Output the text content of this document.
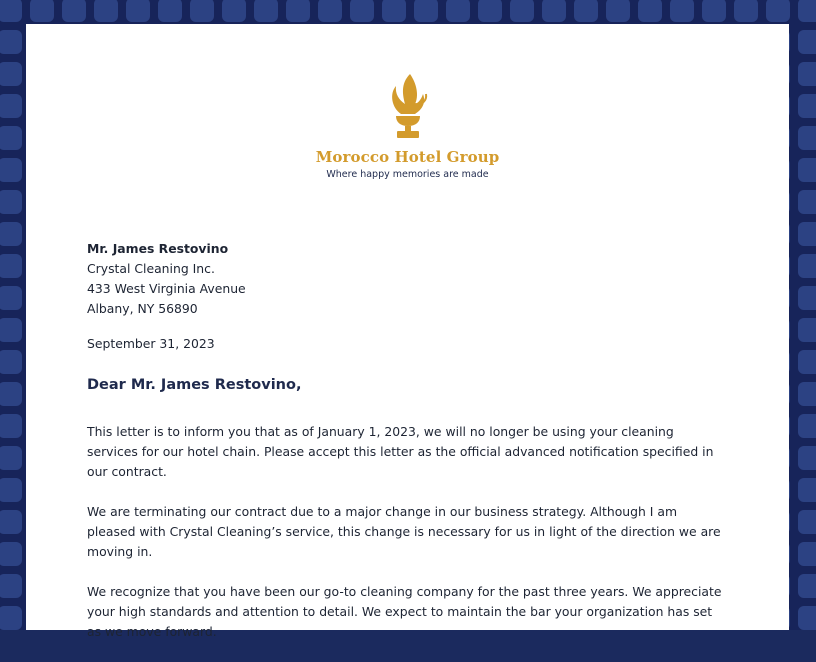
Morocco Hotel Group
Where happy memories are made
Mr. James Restovino
Crystal Cleaning Inc.
433 West Virginia Avenue
Albany, NY 56890
September 31, 2023
Dear Mr. James Restovino,

This letter is to inform you that as of January 1, 2023, we will no longer be using your cleaning services for our hotel chain. Please accept this letter as the official advanced notification specified in our contract.

We are terminating our contract due to a major change in our business strategy. Although I am pleased with Crystal Cleaning’s service, this change is necessary for us in light of the direction we are moving in.

We recognize that you have been our go-to cleaning company for the past three years. We appreciate your high standards and attention to detail. We expect to maintain the bar your organization has set as we move forward.
